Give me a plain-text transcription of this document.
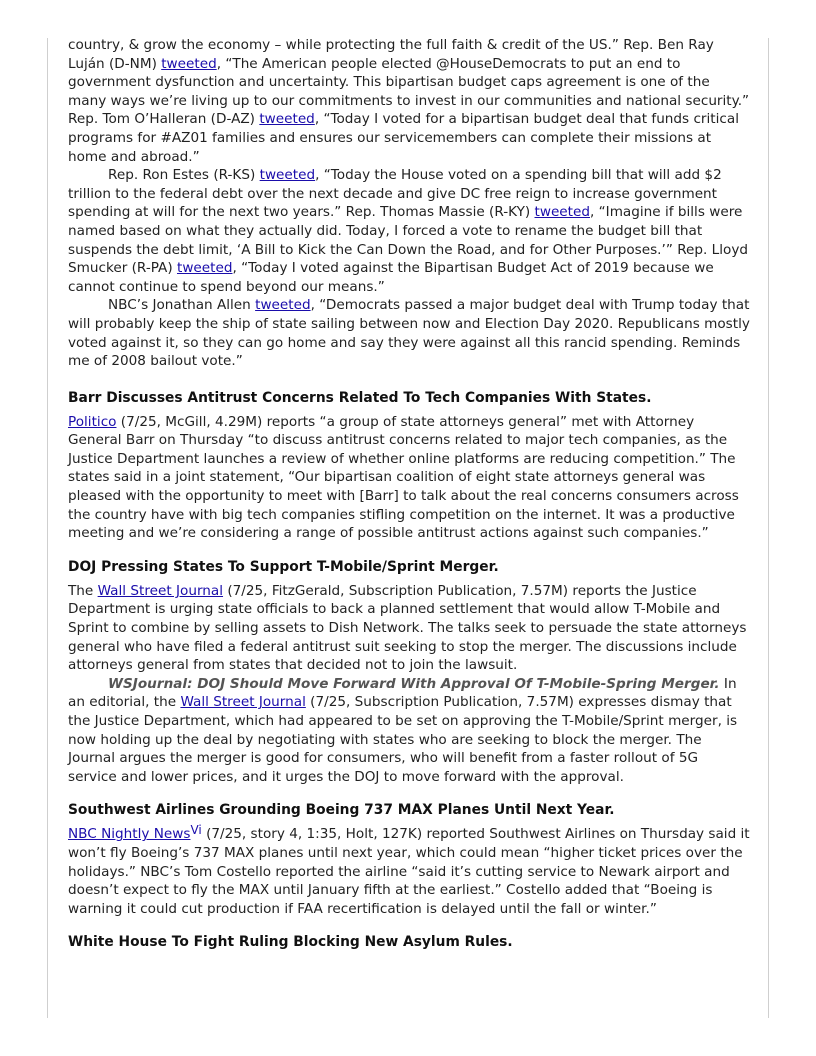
country, & grow the economy – while protecting the full faith & credit of the US.” Rep. Ben Ray Luján (D-NM) tweeted, “The American people elected @HouseDemocrats to put an end to government dysfunction and uncertainty. This bipartisan budget caps agreement is one of the many ways we’re living up to our commitments to invest in our communities and national security.” Rep. Tom O’Halleran (D-AZ) tweeted, “Today I voted for a bipartisan budget deal that funds critical programs for #AZ01 families and ensures our servicemembers can complete their missions at home and abroad.”

Rep. Ron Estes (R-KS) tweeted, “Today the House voted on a spending bill that will add $2 trillion to the federal debt over the next decade and give DC free reign to increase government spending at will for the next two years.” Rep. Thomas Massie (R-KY) tweeted, “Imagine if bills were named based on what they actually did. Today, I forced a vote to rename the budget bill that suspends the debt limit, ‘A Bill to Kick the Can Down the Road, and for Other Purposes.’” Rep. Lloyd Smucker (R-PA) tweeted, “Today I voted against the Bipartisan Budget Act of 2019 because we cannot continue to spend beyond our means.”

NBC’s Jonathan Allen tweeted, “Democrats passed a major budget deal with Trump today that will probably keep the ship of state sailing between now and Election Day 2020. Republicans mostly voted against it, so they can go home and say they were against all this rancid spending. Reminds me of 2008 bailout vote.”

Barr Discusses Antitrust Concerns Related To Tech Companies With States.

Politico (7/25, McGill, 4.29M) reports “a group of state attorneys general” met with Attorney General Barr on Thursday “to discuss antitrust concerns related to major tech companies, as the Justice Department launches a review of whether online platforms are reducing competition.” The states said in a joint statement, “Our bipartisan coalition of eight state attorneys general was pleased with the opportunity to meet with [Barr] to talk about the real concerns consumers across the country have with big tech companies stifling competition on the internet. It was a productive meeting and we’re considering a range of possible antitrust actions against such companies.”

DOJ Pressing States To Support T-Mobile/Sprint Merger.

The Wall Street Journal (7/25, FitzGerald, Subscription Publication, 7.57M) reports the Justice Department is urging state officials to back a planned settlement that would allow T-Mobile and Sprint to combine by selling assets to Dish Network. The talks seek to persuade the state attorneys general who have filed a federal antitrust suit seeking to stop the merger. The discussions include attorneys general from states that decided not to join the lawsuit.

WSJournal: DOJ Should Move Forward With Approval Of T-Mobile-Spring Merger. In an editorial, the Wall Street Journal (7/25, Subscription Publication, 7.57M) expresses dismay that the Justice Department, which had appeared to be set on approving the T-Mobile/Sprint merger, is now holding up the deal by negotiating with states who are seeking to block the merger. The Journal argues the merger is good for consumers, who will benefit from a faster rollout of 5G service and lower prices, and it urges the DOJ to move forward with the approval.

Southwest Airlines Grounding Boeing 737 MAX Planes Until Next Year.

NBC Nightly News$^{Vi}$ (7/25, story 4, 1:35, Holt, 127K) reported Southwest Airlines on Thursday said it won’t fly Boeing’s 737 MAX planes until next year, which could mean “higher ticket prices over the holidays.” NBC’s Tom Costello reported the airline “said it’s cutting service to Newark airport and doesn’t expect to fly the MAX until January fifth at the earliest.” Costello added that “Boeing is warning it could cut production if FAA recertification is delayed until the fall or winter.”

White House To Fight Ruling Blocking New Asylum Rules.
